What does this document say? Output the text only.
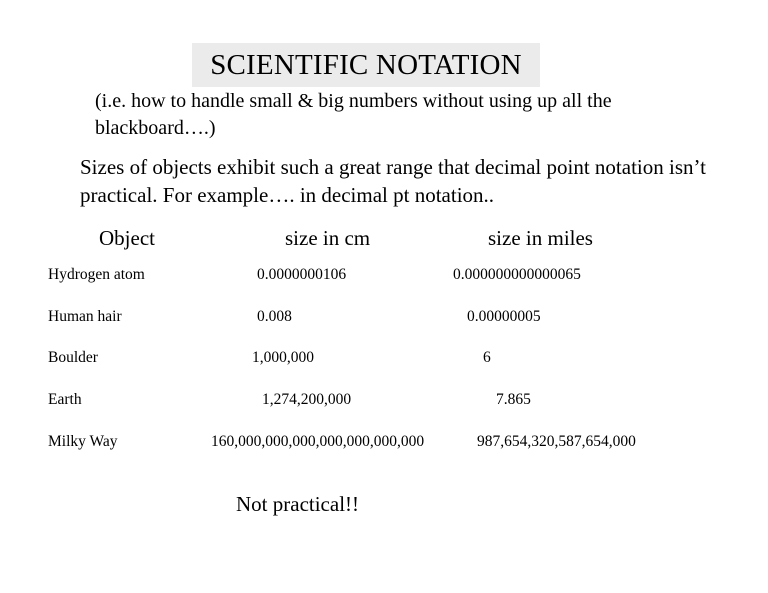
SCIENTIFIC NOTATION
(i.e. how to handle small & big numbers without using up all the blackboard….)
Sizes of objects exhibit such a great range that decimal point notation isn’t practical. For example…. in decimal pt notation..
Object	size in cm	size in miles
Hydrogen atom	0.0000000106	0.000000000000065
Human hair	0.008	0.00000005
Boulder	1,000,000	6
Earth	1,274,200,000	7.865
Milky Way	160,000,000,000,000,000,000,000	987,654,320,587,654,000
Not practical!!
